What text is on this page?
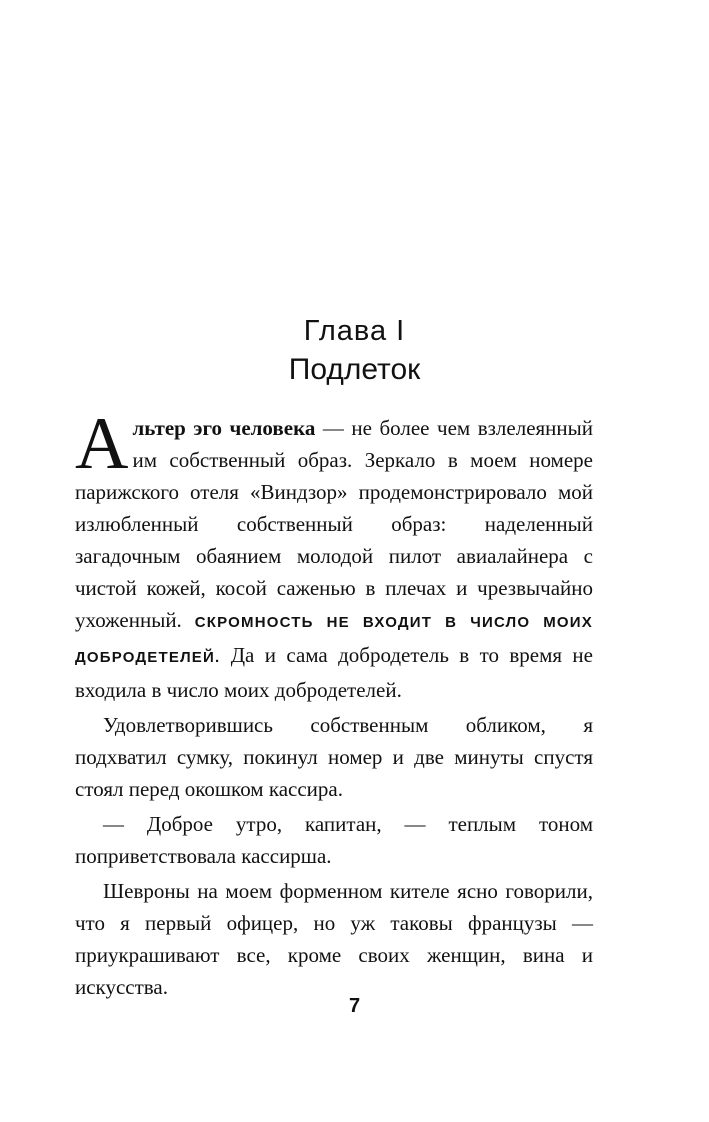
Глава I
Подлеток

Альтер эго человека — не более чем взлелеянный им собственный образ. Зеркало в моем номере парижского отеля «Виндзор» продемонстрировало мой излюбленный собственный образ: наделенный загадочным обаянием молодой пилот авиалайнера с чистой кожей, косой саженью в плечах и чрезвычайно ухоженный. СКРОМНОСТЬ НЕ ВХОДИТ В ЧИСЛО МОИХ ДОБРОДЕТЕЛЕЙ. Да и сама добродетель в то время не входила в число моих добродетелей.

Удовлетворившись собственным обликом, я подхватил сумку, покинул номер и две минуты спустя стоял перед окошком кассира.

— Доброе утро, капитан, — теплым тоном поприветствовала кассирша.

Шевроны на моем форменном кителе ясно говорили, что я первый офицер, но уж таковы французы — приукрашивают все, кроме своих женщин, вина и искусства.

7
